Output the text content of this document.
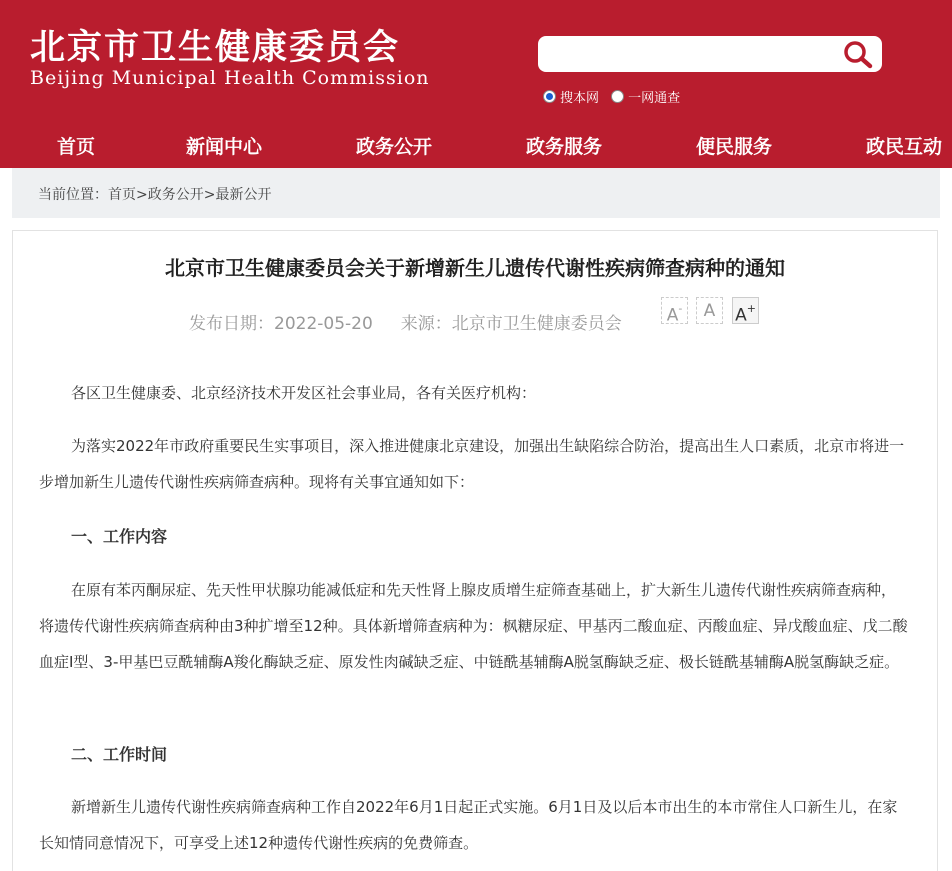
北京市卫生健康委员会
Beijing Municipal Health Commission
搜本网 一网通查
首页	新闻中心	政务公开	政务服务	便民服务	政民互动
当前位置：首页>政务公开>最新公开
北京市卫生健康委员会关于新增新生儿遗传代谢性疾病筛查病种的通知
发布日期：2022-05-20 来源：北京市卫生健康委员会	A-	A	A+
各区卫生健康委、北京经济技术开发区社会事业局，各有关医疗机构：
为落实2022年市政府重要民生实事项目，深入推进健康北京建设，加强出生缺陷综合防治，提高出生人口素质，北京市将进一步增加新生儿遗传代谢性疾病筛查病种。现将有关事宜通知如下：
一、工作内容
在原有苯丙酮尿症、先天性甲状腺功能减低症和先天性肾上腺皮质增生症筛查基础上，扩大新生儿遗传代谢性疾病筛查病种，将遗传代谢性疾病筛查病种由3种扩增至12种。具体新增筛查病种为：枫糖尿症、甲基丙二酸血症、丙酸血症、异戊酸血症、戊二酸血症I型、3-甲基巴豆酰辅酶A羧化酶缺乏症、原发性肉碱缺乏症、中链酰基辅酶A脱氢酶缺乏症、极长链酰基辅酶A脱氢酶缺乏症。
二、工作时间
新增新生儿遗传代谢性疾病筛查病种工作自2022年6月1日起正式实施。6月1日及以后本市出生的本市常住人口新生儿，在家长知情同意情况下，可享受上述12种遗传代谢性疾病的免费筛查。
